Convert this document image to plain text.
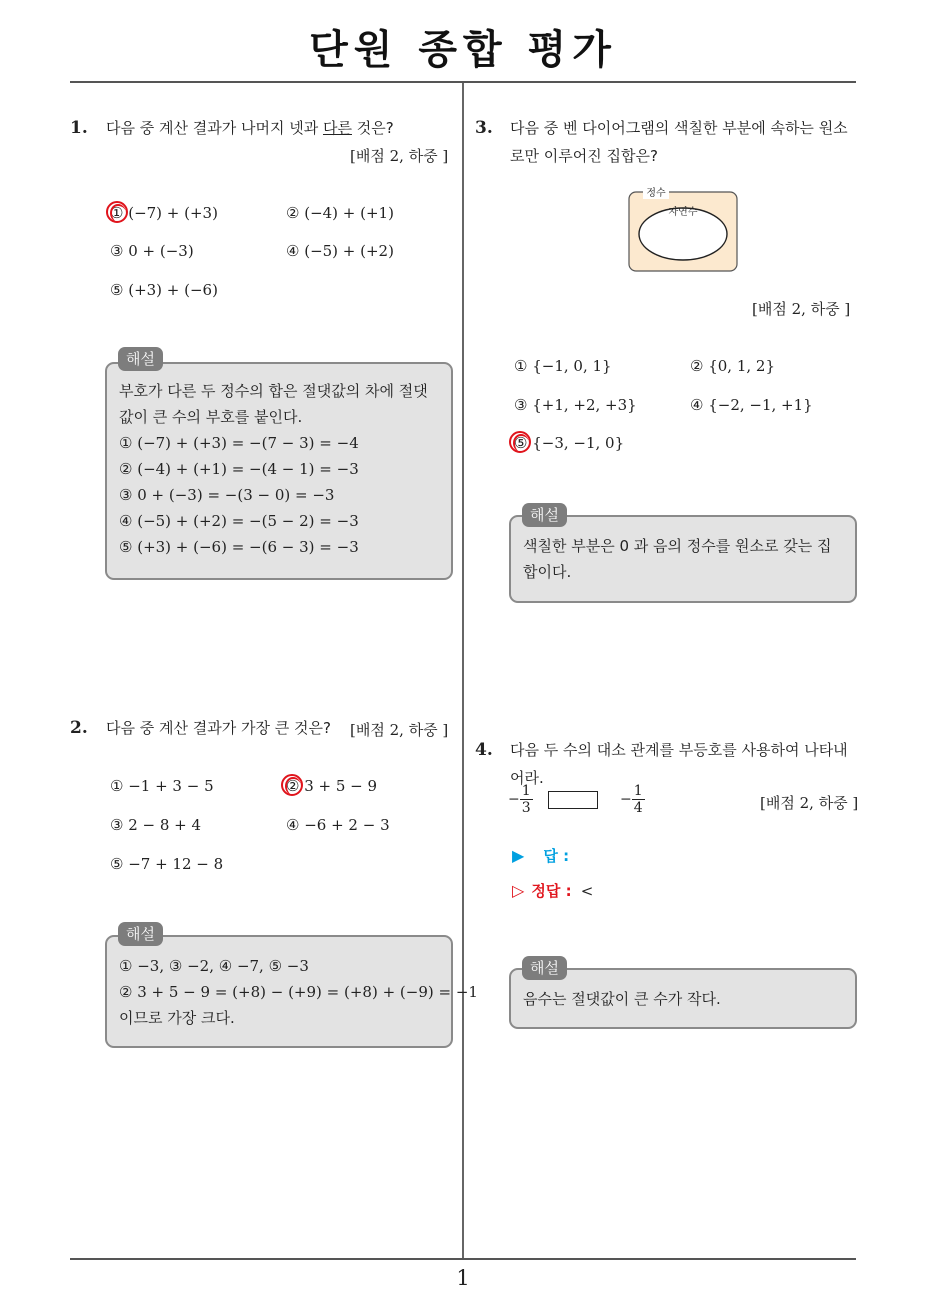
단원 종합 평가
1. 다음 중 계산 결과가 나머지 넷과 다른 것은?
[배점 2, 하중 ]
① (−7) + (+3)	② (−4) + (+1)
③ 0 + (−3)	④ (−5) + (+2)
⑤ (+3) + (−6)
부호가 다른 두 정수의 합은 절댓값의 차에 절댓
값이 큰 수의 부호를 붙인다.
① (−7) + (+3) = −(7 − 3) = −4
② (−4) + (+1) = −(4 − 1) = −3
③ 0 + (−3) = −(3 − 0) = −3
④ (−5) + (+2) = −(5 − 2) = −3
⑤ (+3) + (−6) = −(6 − 3) = −3
해설
2. 다음 중 계산 결과가 가장 큰 것은? [배점 2, 하중 ]
① −1 + 3 − 5	② 3 + 5 − 9
③ 2 − 8 + 4	④ −6 + 2 − 3
⑤ −7 + 12 − 8
① −3, ③ −2, ④ −7, ⑤ −3
② 3 + 5 − 9 = (+8) − (+9) = (+8) + (−9) = −1
이므로 가장 크다.
해설
3. 다음 중 벤 다이어그램의 색칠한 부분에 속하는 원소
로만 이루어진 집합은?
정수
자연수
[배점 2, 하중 ]
① {−1, 0, 1}	② {0, 1, 2}
③ {+1, +2, +3}	④ {−2, −1, +1}
⑤ {−3, −1, 0}
색칠한 부분은 0 과 음의 정수를 원소로 갖는 집
합이다.
해설
4. 다음 두 수의 대소 관계를 부등호를 사용하여 나타내
어라.
− $\frac{1}{3}$	− $\frac{1}{4}$	[배점 2, 하중 ]
▶ 답 :
▷ 정답 : <
음수는 절댓값이 큰 수가 작다.
해설
1
